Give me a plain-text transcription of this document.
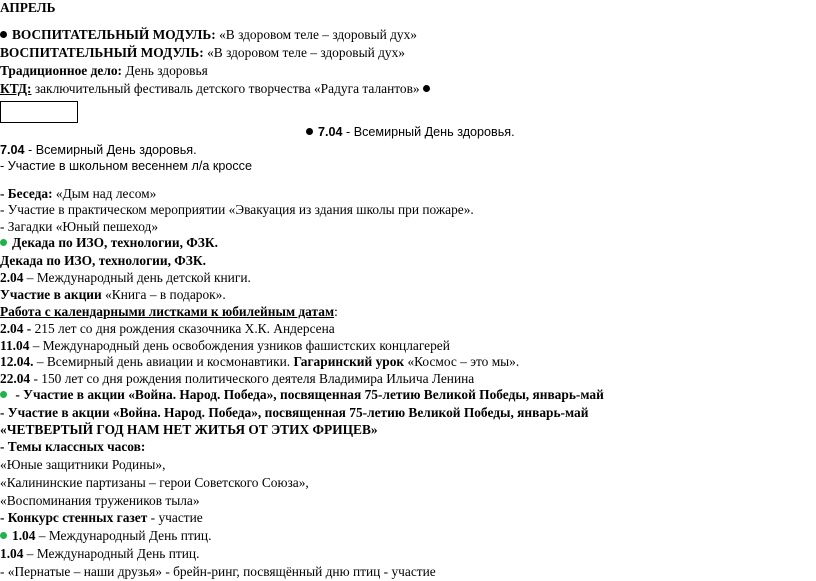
АПРЕЛЬ
ВОСПИТАТЕЛЬНЫЙ МОДУЛЬ: «В здоровом теле – здоровый дух»
ВОСПИТАТЕЛЬНЫЙ МОДУЛЬ: «В здоровом теле – здоровый дух»
Традиционное дело: День здоровья
КТД: заключительный фестиваль детского творчества «Радуга талантов»
7.04 - Всемирный День здоровья.
7.04 - Всемирный День здоровья.
- Участие в школьном весеннем л/а кроссе
- Беседа: «Дым над лесом»
- Участие в практическом мероприятии «Эвакуация из здания школы при пожаре».
- Загадки «Юный пешеход»
Декада по ИЗО, технологии, ФЗК.
Декада по ИЗО, технологии, ФЗК.
2.04 – Международный день детской книги.
Участие в акции «Книга – в подарок».
Работа с календарными листками к юбилейным датам:
2.04 - 215 лет со дня рождения сказочника Х.К. Андерсена
11.04 – Международный день освобождения узников фашистских концлагерей
12.04. – Всемирный день авиации и космонавтики. Гагаринский урок «Космос – это мы».
22.04 - 150 лет со дня рождения политического деятеля Владимира Ильича Ленина
- Участие в акции «Война. Народ. Победа», посвященная 75-летию Великой Победы, январь-май
- Участие в акции «Война. Народ. Победа», посвященная 75-летию Великой Победы, январь-май
«ЧЕТВЕРТЫЙ ГОД НАМ НЕТ ЖИТЬЯ ОТ ЭТИХ ФРИЦЕВ»
- Темы классных часов:
«Юные защитники Родины»,
«Калининские партизаны – герои Советского Союза»,
«Воспоминания тружеников тыла»
- Конкурс стенных газет - участие
1.04 – Международный День птиц.
1.04 – Международный День птиц.
- «Пернатые – наши друзья» - брейн-ринг, посвящённый дню птиц - участие
